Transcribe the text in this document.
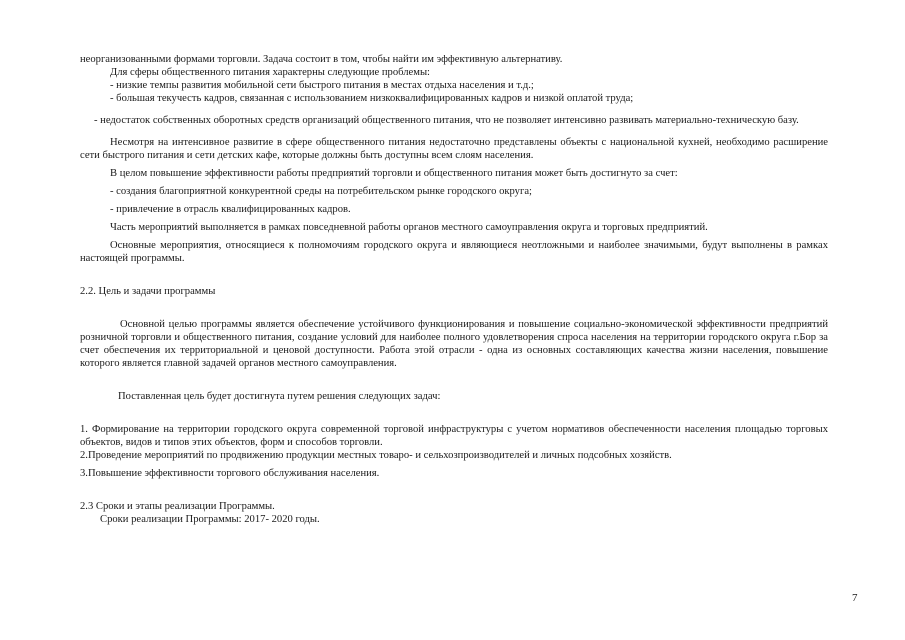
неорганизованными формами торговли. Задача состоит в том, чтобы найти им эффективную альтернативу.

Для сферы общественного питания характерны следующие проблемы:

- низкие темпы развития мобильной сети быстрого питания в местах отдыха населения и т.д.;

- большая текучесть кадров, связанная с использованием низкоквалифицированных кадров и низкой оплатой труда;

- недостаток собственных оборотных средств организаций общественного питания, что не позволяет интенсивно развивать материально-техническую базу.

Несмотря на интенсивное развитие в сфере общественного питания недостаточно представлены объекты с национальной кухней, необходимо расширение сети быстрого питания и сети детских кафе, которые должны быть доступны всем слоям населения.

В целом повышение эффективности работы предприятий торговли и общественного питания может быть достигнуто за счет:

- создания благоприятной конкурентной среды на потребительском рынке городского округа;

- привлечение в отрасль квалифицированных кадров.

Часть мероприятий выполняется в рамках повседневной работы органов местного самоуправления округа и торговых предприятий.

Основные мероприятия, относящиеся к полномочиям городского округа и являющиеся неотложными и наиболее значимыми, будут выполнены в рамках настоящей программы.

2.2. Цель и задачи программы

Основной целью программы является обеспечение устойчивого функционирования и повышение социально-экономической эффективности предприятий розничной торговли и общественного питания, создание условий для наиболее полного удовлетворения спроса населения на территории городского округа г.Бор за счет обеспечения их территориальной и ценовой доступности. Работа этой отрасли - одна из основных составляющих качества жизни населения, повышение которого является главной задачей органов местного самоуправления.

Поставленная цель будет достигнута путем решения следующих задач:

1. Формирование на территории городского округа современной торговой инфраструктуры с учетом нормативов обеспеченности населения площадью торговых объектов, видов и типов этих объектов, форм и способов торговли.

2.Проведение мероприятий по продвижению продукции местных товаро- и сельхозпроизводителей и личных подсобных хозяйств.

3.Повышение эффективности торгового обслуживания населения.

2.3 Сроки и этапы реализации Программы.

Сроки реализации Программы: 2017- 2020 годы.

7
